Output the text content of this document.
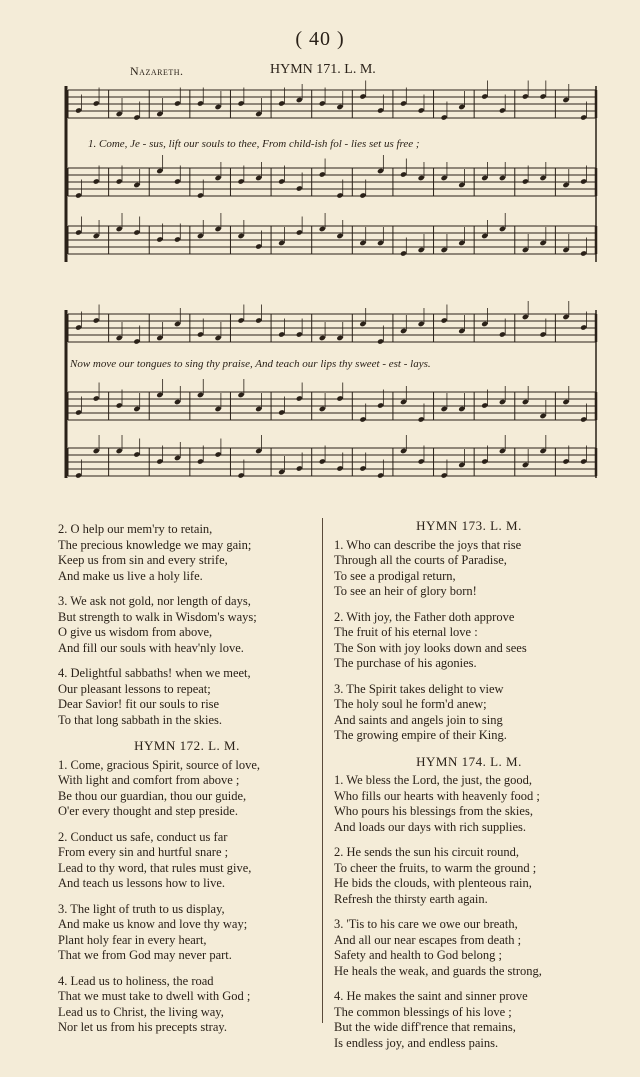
( 40 )
Nazareth.	HYMN 171. L. M.
1. Come, Je - sus, lift our souls to thee, From child-ish fol - lies set us free ;
Now move our tongues to sing thy praise, And teach our lips thy sweet - est - lays.
2. O help our mem'ry to retain,
The precious knowledge we may gain;
Keep us from sin and every strife,
And make us live a holy life.
3. We ask not gold, nor length of days,
But strength to walk in Wisdom's ways;
O give us wisdom from above,
And fill our souls with heav'nly love.
4. Delightful sabbaths! when we meet,
Our pleasant lessons to repeat;
Dear Savior! fit our souls to rise
To that long sabbath in the skies.
HYMN 172. L. M.
1. Come, gracious Spirit, source of love,
With light and comfort from above ;
Be thou our guardian, thou our guide,
O'er every thought and step preside.
2. Conduct us safe, conduct us far
From every sin and hurtful snare ;
Lead to thy word, that rules must give,
And teach us lessons how to live.
3. The light of truth to us display,
And make us know and love thy way;
Plant holy fear in every heart,
That we from God may never part.
4. Lead us to holiness, the road
That we must take to dwell with God ;
Lead us to Christ, the living way,
Nor let us from his precepts stray.
HYMN 173. L. M.
1. Who can describe the joys that rise
Through all the courts of Paradise,
To see a prodigal return,
To see an heir of glory born!
2. With joy, the Father doth approve
The fruit of his eternal love :
The Son with joy looks down and sees
The purchase of his agonies.
3. The Spirit takes delight to view
The holy soul he form'd anew;
And saints and angels join to sing
The growing empire of their King.
HYMN 174. L. M.
1. We bless the Lord, the just, the good,
Who fills our hearts with heavenly food ;
Who pours his blessings from the skies,
And loads our days with rich supplies.
2. He sends the sun his circuit round,
To cheer the fruits, to warm the ground ;
He bids the clouds, with plenteous rain,
Refresh the thirsty earth again.
3. 'Tis to his care we owe our breath,
And all our near escapes from death ;
Safety and health to God belong ;
He heals the weak, and guards the strong,
4. He makes the saint and sinner prove
The common blessings of his love ;
But the wide diff'rence that remains,
Is endless joy, and endless pains.
